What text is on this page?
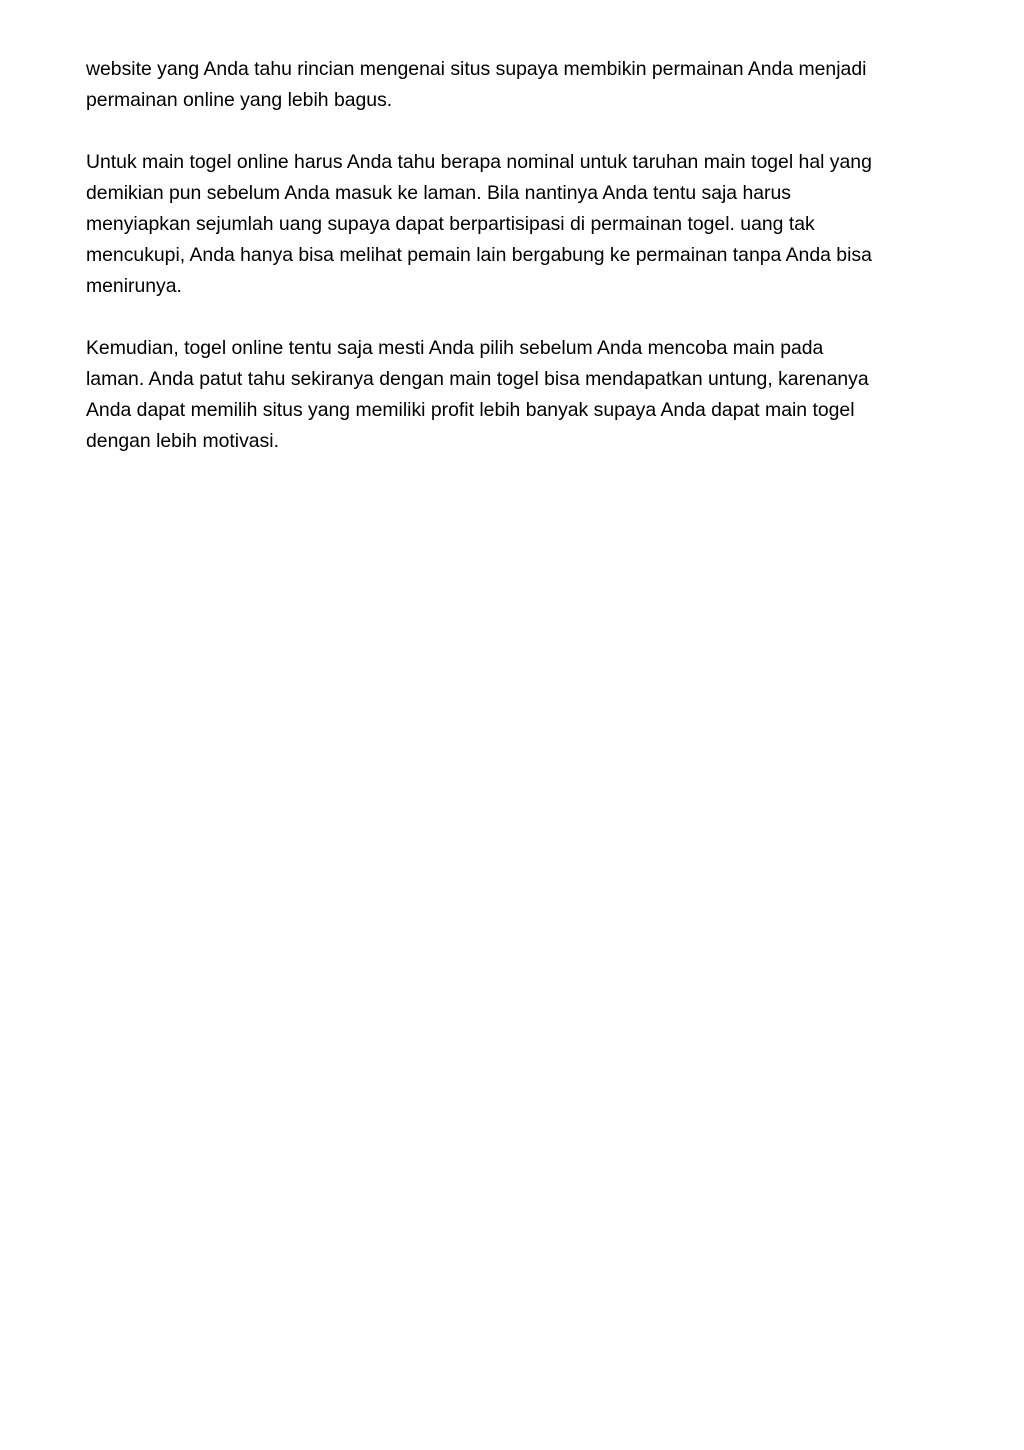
website yang Anda tahu rincian mengenai situs supaya membikin permainan Anda menjadi
permainan online yang lebih bagus.

Untuk main togel online harus Anda tahu berapa nominal untuk taruhan main togel hal yang
demikian pun sebelum Anda masuk ke laman. Bila nantinya Anda tentu saja harus
menyiapkan sejumlah uang supaya dapat berpartisipasi di permainan togel. uang tak
mencukupi, Anda hanya bisa melihat pemain lain bergabung ke permainan tanpa Anda bisa
menirunya.

Kemudian, togel online tentu saja mesti Anda pilih sebelum Anda mencoba main pada
laman. Anda patut tahu sekiranya dengan main togel bisa mendapatkan untung, karenanya
Anda dapat memilih situs yang memiliki profit lebih banyak supaya Anda dapat main togel
dengan lebih motivasi.
